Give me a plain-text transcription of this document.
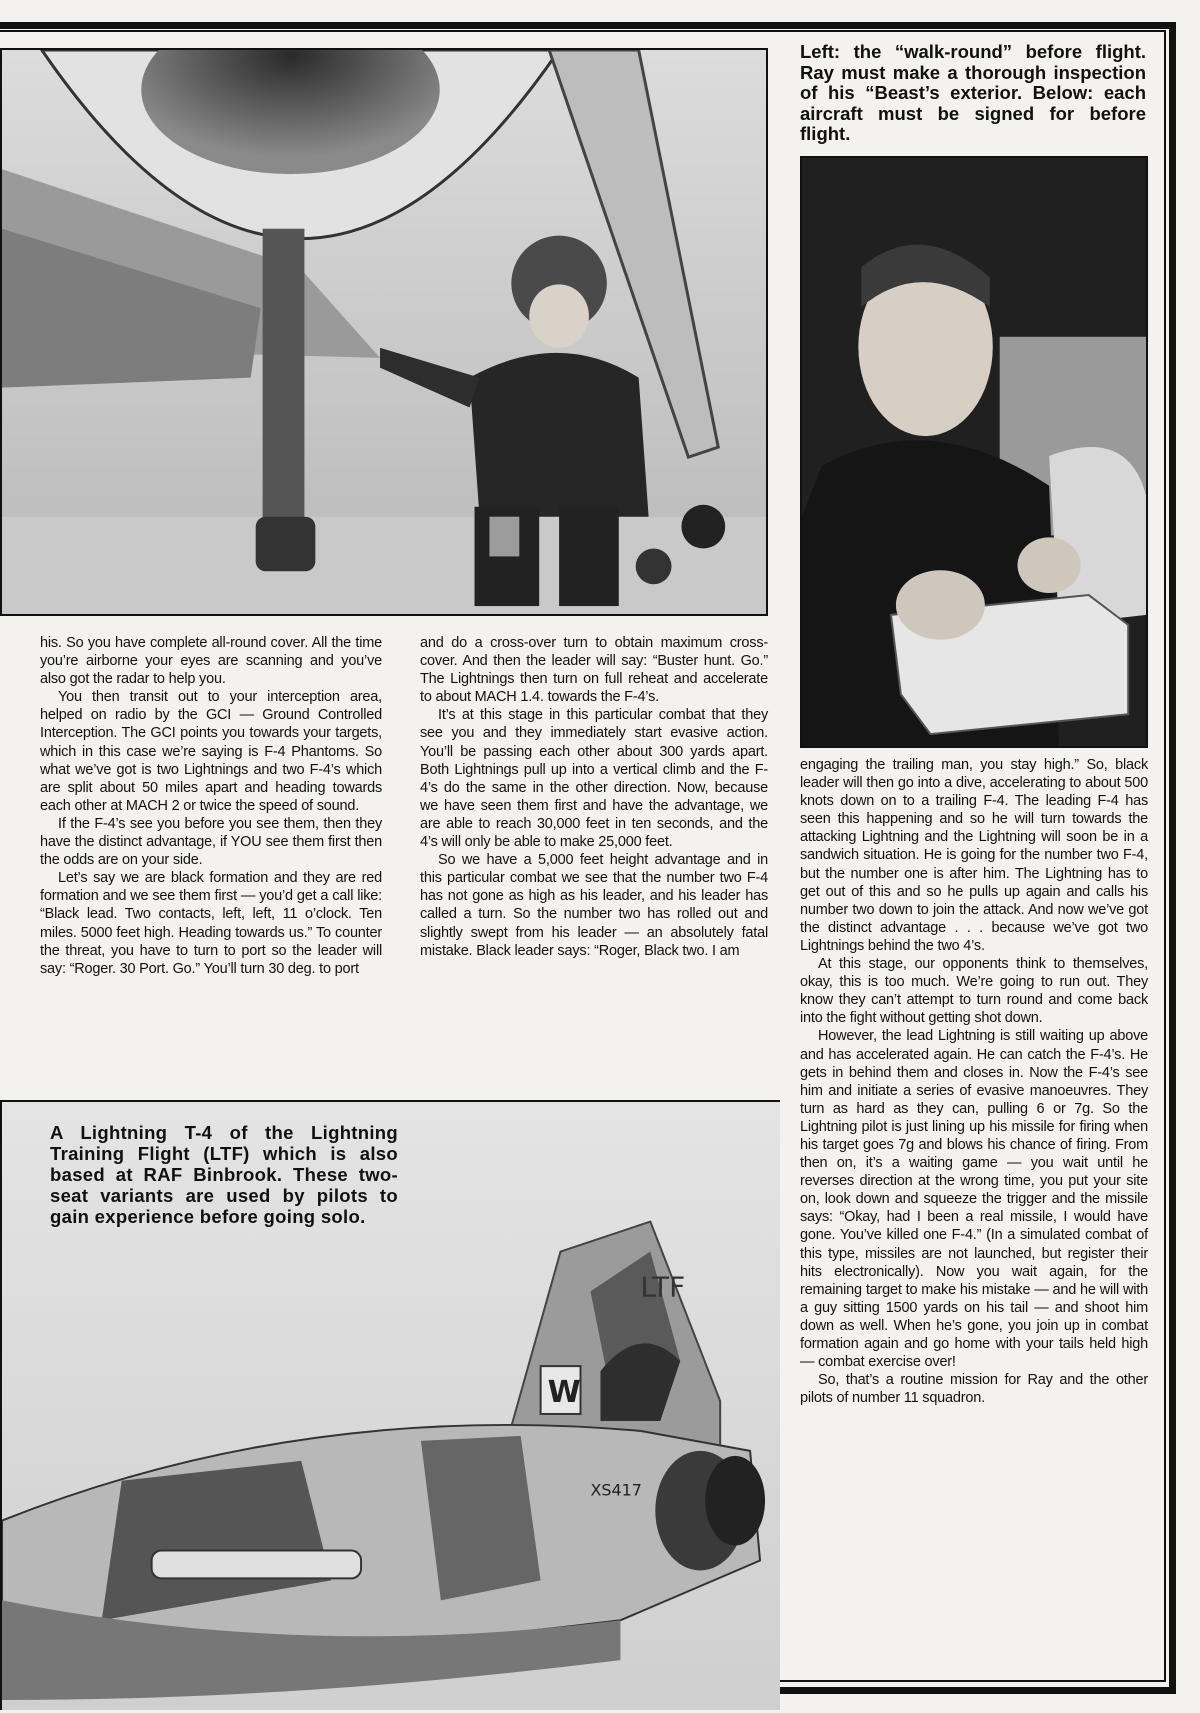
Left: the “walk-round” before flight. Ray must make a thorough inspection of his “Beast’s exterior. Below: each aircraft must be signed for before flight.

LTF
W
XS417

A Lightning T-4 of the Lightning Training Flight (LTF) which is also based at RAF Binbrook. These two-seat variants are used by pilots to gain experience before going solo.

his. So you have complete all-round cover. All the time you’re airborne your eyes are scanning and you’ve also got the radar to help you.

You then transit out to your interception area, helped on radio by the GCI — Ground Controlled Interception. The GCI points you towards your targets, which in this case we’re saying is F-4 Phantoms. So what we’ve got is two Lightnings and two F-4’s which are split about 50 miles apart and heading towards each other at MACH 2 or twice the speed of sound.

If the F-4’s see you before you see them, then they have the distinct advantage, if YOU see them first then the odds are on your side.

Let’s say we are black formation and they are red formation and we see them first — you’d get a call like: “Black lead. Two contacts, left, left, 11 o’clock. Ten miles. 5000 feet high. Heading towards us.” To counter the threat, you have to turn to port so the leader will say: “Roger. 30 Port. Go.” You’ll turn 30 deg. to port

and do a cross-over turn to obtain maximum cross-cover. And then the leader will say: “Buster hunt. Go.” The Lightnings then turn on full reheat and accelerate to about MACH 1.4. towards the F-4’s.

It’s at this stage in this particular combat that they see you and they immediately start evasive action. You’ll be passing each other about 300 yards apart. Both Lightnings pull up into a vertical climb and the F-4’s do the same in the other direction. Now, because we have seen them first and have the advantage, we are able to reach 30,000 feet in ten seconds, and the 4’s will only be able to make 25,000 feet.

So we have a 5,000 feet height advantage and in this particular combat we see that the number two F-4 has not gone as high as his leader, and his leader has called a turn. So the number two has rolled out and slightly swept from his leader — an absolutely fatal mistake. Black leader says: “Roger, Black two. I am

engaging the trailing man, you stay high.” So, black leader will then go into a dive, accelerating to about 500 knots down on to a trailing F-4. The leading F-4 has seen this happening and so he will turn towards the attacking Lightning and the Lightning will soon be in a sandwich situation. He is going for the number two F-4, but the number one is after him. The Lightning has to get out of this and so he pulls up again and calls his number two down to join the attack. And now we’ve got the distinct advantage . . . because we’ve got two Lightnings behind the two 4’s.

At this stage, our opponents think to themselves, okay, this is too much. We’re going to run out. They know they can’t attempt to turn round and come back into the fight without getting shot down.

However, the lead Lightning is still waiting up above and has accelerated again. He can catch the F-4’s. He gets in behind them and closes in. Now the F-4’s see him and initiate a series of evasive manoeuvres. They turn as hard as they can, pulling 6 or 7g. So the Lightning pilot is just lining up his missile for firing when his target goes 7g and blows his chance of firing. From then on, it’s a waiting game — you wait until he reverses direction at the wrong time, you put your site on, look down and squeeze the trigger and the missile says: “Okay, had I been a real missile, I would have gone. You’ve killed one F-4.” (In a simulated combat of this type, missiles are not launched, but register their hits electronically). Now you wait again, for the remaining target to make his mistake — and he will with a guy sitting 1500 yards on his tail — and shoot him down as well. When he’s gone, you join up in combat formation again and go home with your tails held high — combat exercise over!

So, that’s a routine mission for Ray and the other pilots of number 11 squadron.
